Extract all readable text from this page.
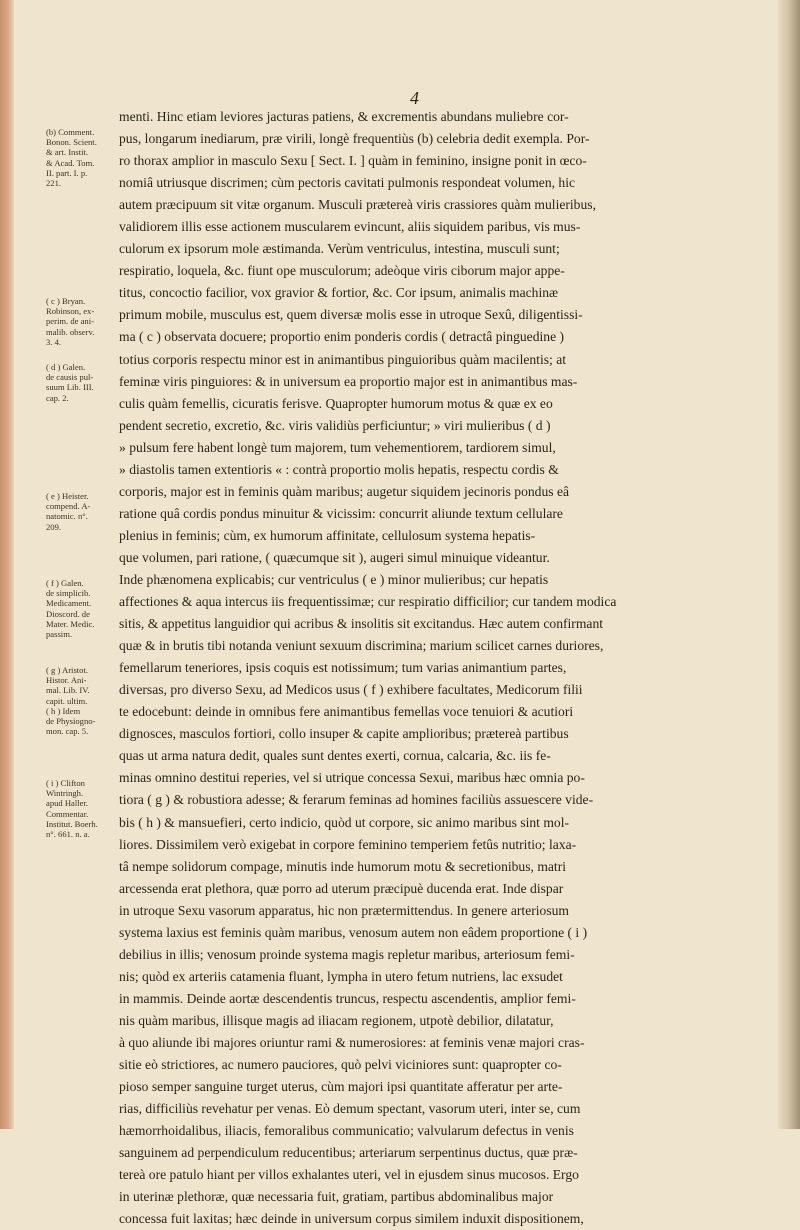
4
(b) Comment.
Bonon. Scient.
& art. Instit.
& Acad. Tom.
II. part. I. p.
221.
( c ) Bryan.
Robinson, ex-
perim. de ani-
malib. observ.
3. 4.
( d ) Galen.
de causis pul-
suum Lib. III.
cap. 2.
( e ) Heister.
compend. A-
natomic. n°.
209.
( f ) Galen.
de simplicib.
Medicament.
Dioscord. de
Mater. Medic.
passim.
( g ) Aristot.
Histor. Ani-
mal. Lib. IV.
capit. ultim.
( h ) Idem
de Physiogno-
mon. cap. 5.
( i ) Clifton
Wintringh.
apud Haller.
Commentar.
Institut. Boerh.
n°. 661. n. a.
menti. Hinc etiam leviores jacturas patiens, & excrementis abundans muliebre cor-
pus, longarum inediarum, præ virili, longè frequentiùs (b) celebria dedit exempla. Por-
ro thorax amplior in masculo Sexu [ Sect. I. ] quàm in feminino, insigne ponit in œco-
nomiâ utriusque discrimen; cùm pectoris cavitati pulmonis respondeat volumen, hic
autem præcipuum sit vitæ organum. Musculi prætereà viris crassiores quàm mulieribus,
validiorem illis esse actionem muscularem evincunt, aliis siquidem paribus, vis mus-
culorum ex ipsorum mole æstimanda. Verùm ventriculus, intestina, musculi sunt;
respiratio, loquela, &c. fiunt ope musculorum; adeòque viris ciborum major appe-
titus, concoctio facilior, vox gravior & fortior, &c. Cor ipsum, animalis machinæ
primum mobile, musculus est, quem diversæ molis esse in utroque Sexû, diligentissi-
ma ( c ) observata docuere; proportio enim ponderis cordis ( detractâ pinguedine )
totius corporis respectu minor est in animantibus pinguioribus quàm macilentis; at
feminæ viris pinguiores: & in universum ea proportio major est in animantibus mas-
culis quàm femellis, cicuratis ferisve. Quapropter humorum motus & quæ ex eo
pendent secretio, excretio, &c. viris validiùs perficiuntur; » viri mulieribus ( d )
» pulsum fere habent longè tum majorem, tum vehementiorem, tardiorem simul,
» diastolis tamen extentioris « : contrà proportio molis hepatis, respectu cordis &
corporis, major est in feminis quàm maribus; augetur siquidem jecinoris pondus eâ
ratione quâ cordis pondus minuitur & vicissim: concurrit aliunde textum cellulare
plenius in feminis; cùm, ex humorum affinitate, cellulosum systema hepatis-
que volumen, pari ratione, ( quæcumque sit ), augeri simul minuique videantur.
Inde phænomena explicabis; cur ventriculus ( e ) minor mulieribus; cur hepatis
affectiones & aqua intercus iis frequentissimæ; cur respiratio difficilior; cur tandem modica
sitis, & appetitus languidior qui acribus & insolitis sit excitandus. Hæc autem confirmant
quæ & in brutis tibi notanda veniunt sexuum discrimina; marium scilicet carnes duriores,
femellarum teneriores, ipsis coquis est notissimum; tum varias animantium partes,
diversas, pro diverso Sexu, ad Medicos usus ( f ) exhibere facultates, Medicorum filii
te edocebunt: deinde in omnibus fere animantibus femellas voce tenuiori & acutiori
dignosces, masculos fortiori, collo insuper & capite amplioribus; prætereà partibus
quas ut arma natura dedit, quales sunt dentes exerti, cornua, calcaria, &c. iis fe-
minas omnino destitui reperies, vel si utrique concessa Sexui, maribus hæc omnia po-
tiora ( g ) & robustiora adesse; & ferarum feminas ad homines faciliùs assuescere vide-
bis ( h ) & mansuefieri, certo indicio, quòd ut corpore, sic animo maribus sint mol-
liores. Dissimilem verò exigebat in corpore feminino temperiem fetûs nutritio; laxa-
tâ nempe solidorum compage, minutis inde humorum motu & secretionibus, matri
arcessenda erat plethora, quæ porro ad uterum præcipuè ducenda erat. Inde dispar
in utroque Sexu vasorum apparatus, hic non prætermittendus. In genere arteriosum
systema laxius est feminis quàm maribus, venosum autem non eâdem proportione ( i )
debilius in illis; venosum proinde systema magis repletur maribus, arteriosum femi-
nis; quòd ex arteriis catamenia fluant, lympha in utero fetum nutriens, lac exsudet
in mammis. Deinde aortæ descendentis truncus, respectu ascendentis, amplior femi-
nis quàm maribus, illisque magis ad iliacam regionem, utpotè debilior, dilatatur,
à quo aliunde ibi majores oriuntur rami & numerosiores: at feminis venæ majori cras-
sitie eò strictiores, ac numero pauciores, quò pelvi viciniores sunt: quapropter co-
pioso semper sanguine turget uterus, cùm majori ipsi quantitate afferatur per arte-
rias, difficiliùs revehatur per venas. Eò demum spectant, vasorum uteri, inter se, cum
hæmorrhoidalibus, iliacis, femoralibus communicatio; valvularum defectus in venis
sanguinem ad perpendiculum reducentibus; arteriarum serpentinus ductus, quæ præ-
tereà ore patulo hiant per villos exhalantes uteri, vel in ejusdem sinus mucosos. Ergo
in uterinæ plethoræ, quæ necessaria fuit, gratiam, partibus abdominalibus major
concessa fuit laxitas; hæc deinde in universum corpus similem induxit dispositionem,
